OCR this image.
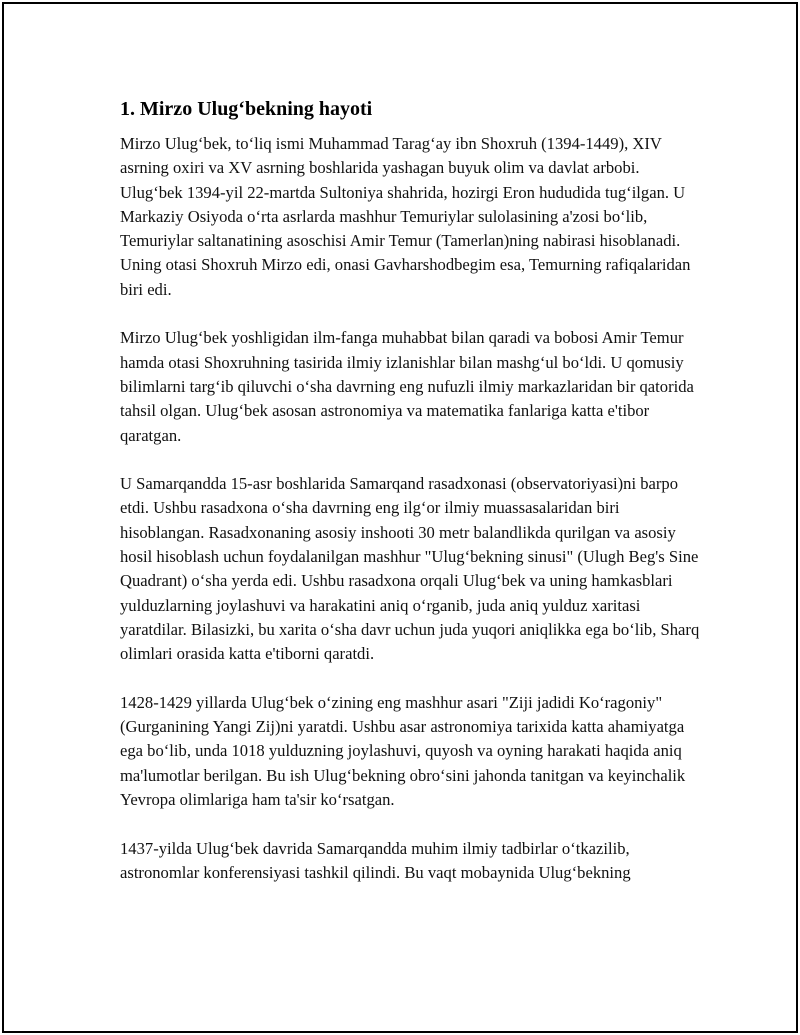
1. Mirzo Ulug‘bekning hayoti

Mirzo Ulug‘bek, to‘liq ismi Muhammad Tarag‘ay ibn Shoxruh (1394-1449), XIV asrning oxiri va XV asrning boshlarida yashagan buyuk olim va davlat arbobi. Ulug‘bek 1394-yil 22-martda Sultoniya shahrida, hozirgi Eron hududida tug‘ilgan. U Markaziy Osiyoda o‘rta asrlarda mashhur Temuriylar sulolasining a'zosi bo‘lib, Temuriylar saltanatining asoschisi Amir Temur (Tamerlan)ning nabirasi hisoblanadi. Uning otasi Shoxruh Mirzo edi, onasi Gavharshodbegim esa, Temurning rafiqalaridan biri edi.

Mirzo Ulug‘bek yoshligidan ilm-fanga muhabbat bilan qaradi va bobosi Amir Temur hamda otasi Shoxruhning tasirida ilmiy izlanishlar bilan mashg‘ul bo‘ldi. U qomusiy bilimlarni targ‘ib qiluvchi o‘sha davrning eng nufuzli ilmiy markazlaridan bir qatorida tahsil olgan. Ulug‘bek asosan astronomiya va matematika fanlariga katta e'tibor qaratgan.

U Samarqandda 15-asr boshlarida Samarqand rasadxonasi (observatoriyasi)ni barpo etdi. Ushbu rasadxona o‘sha davrning eng ilg‘or ilmiy muassasalaridan biri hisoblangan. Rasadxonaning asosiy inshooti 30 metr balandlikda qurilgan va asosiy hosil hisoblash uchun foydalanilgan mashhur "Ulug‘bekning sinusi" (Ulugh Beg's Sine Quadrant) o‘sha yerda edi. Ushbu rasadxona orqali Ulug‘bek va uning hamkasblari yulduzlarning joylashuvi va harakatini aniq o‘rganib, juda aniq yulduz xaritasi yaratdilar. Bilasizki, bu xarita o‘sha davr uchun juda yuqori aniqlikka ega bo‘lib, Sharq olimlari orasida katta e'tiborni qaratdi.

1428-1429 yillarda Ulug‘bek o‘zining eng mashhur asari "Ziji jadidi Ko‘ragoniy" (Gurganining Yangi Zij)ni yaratdi. Ushbu asar astronomiya tarixida katta ahamiyatga ega bo‘lib, unda 1018 yulduzning joylashuvi, quyosh va oyning harakati haqida aniq ma'lumotlar berilgan. Bu ish Ulug‘bekning obro‘sini jahonda tanitgan va keyinchalik Yevropa olimlariga ham ta'sir ko‘rsatgan.

1437-yilda Ulug‘bek davrida Samarqandda muhim ilmiy tadbirlar o‘tkazilib, astronomlar konferensiyasi tashkil qilindi. Bu vaqt mobaynida Ulug‘bekning
